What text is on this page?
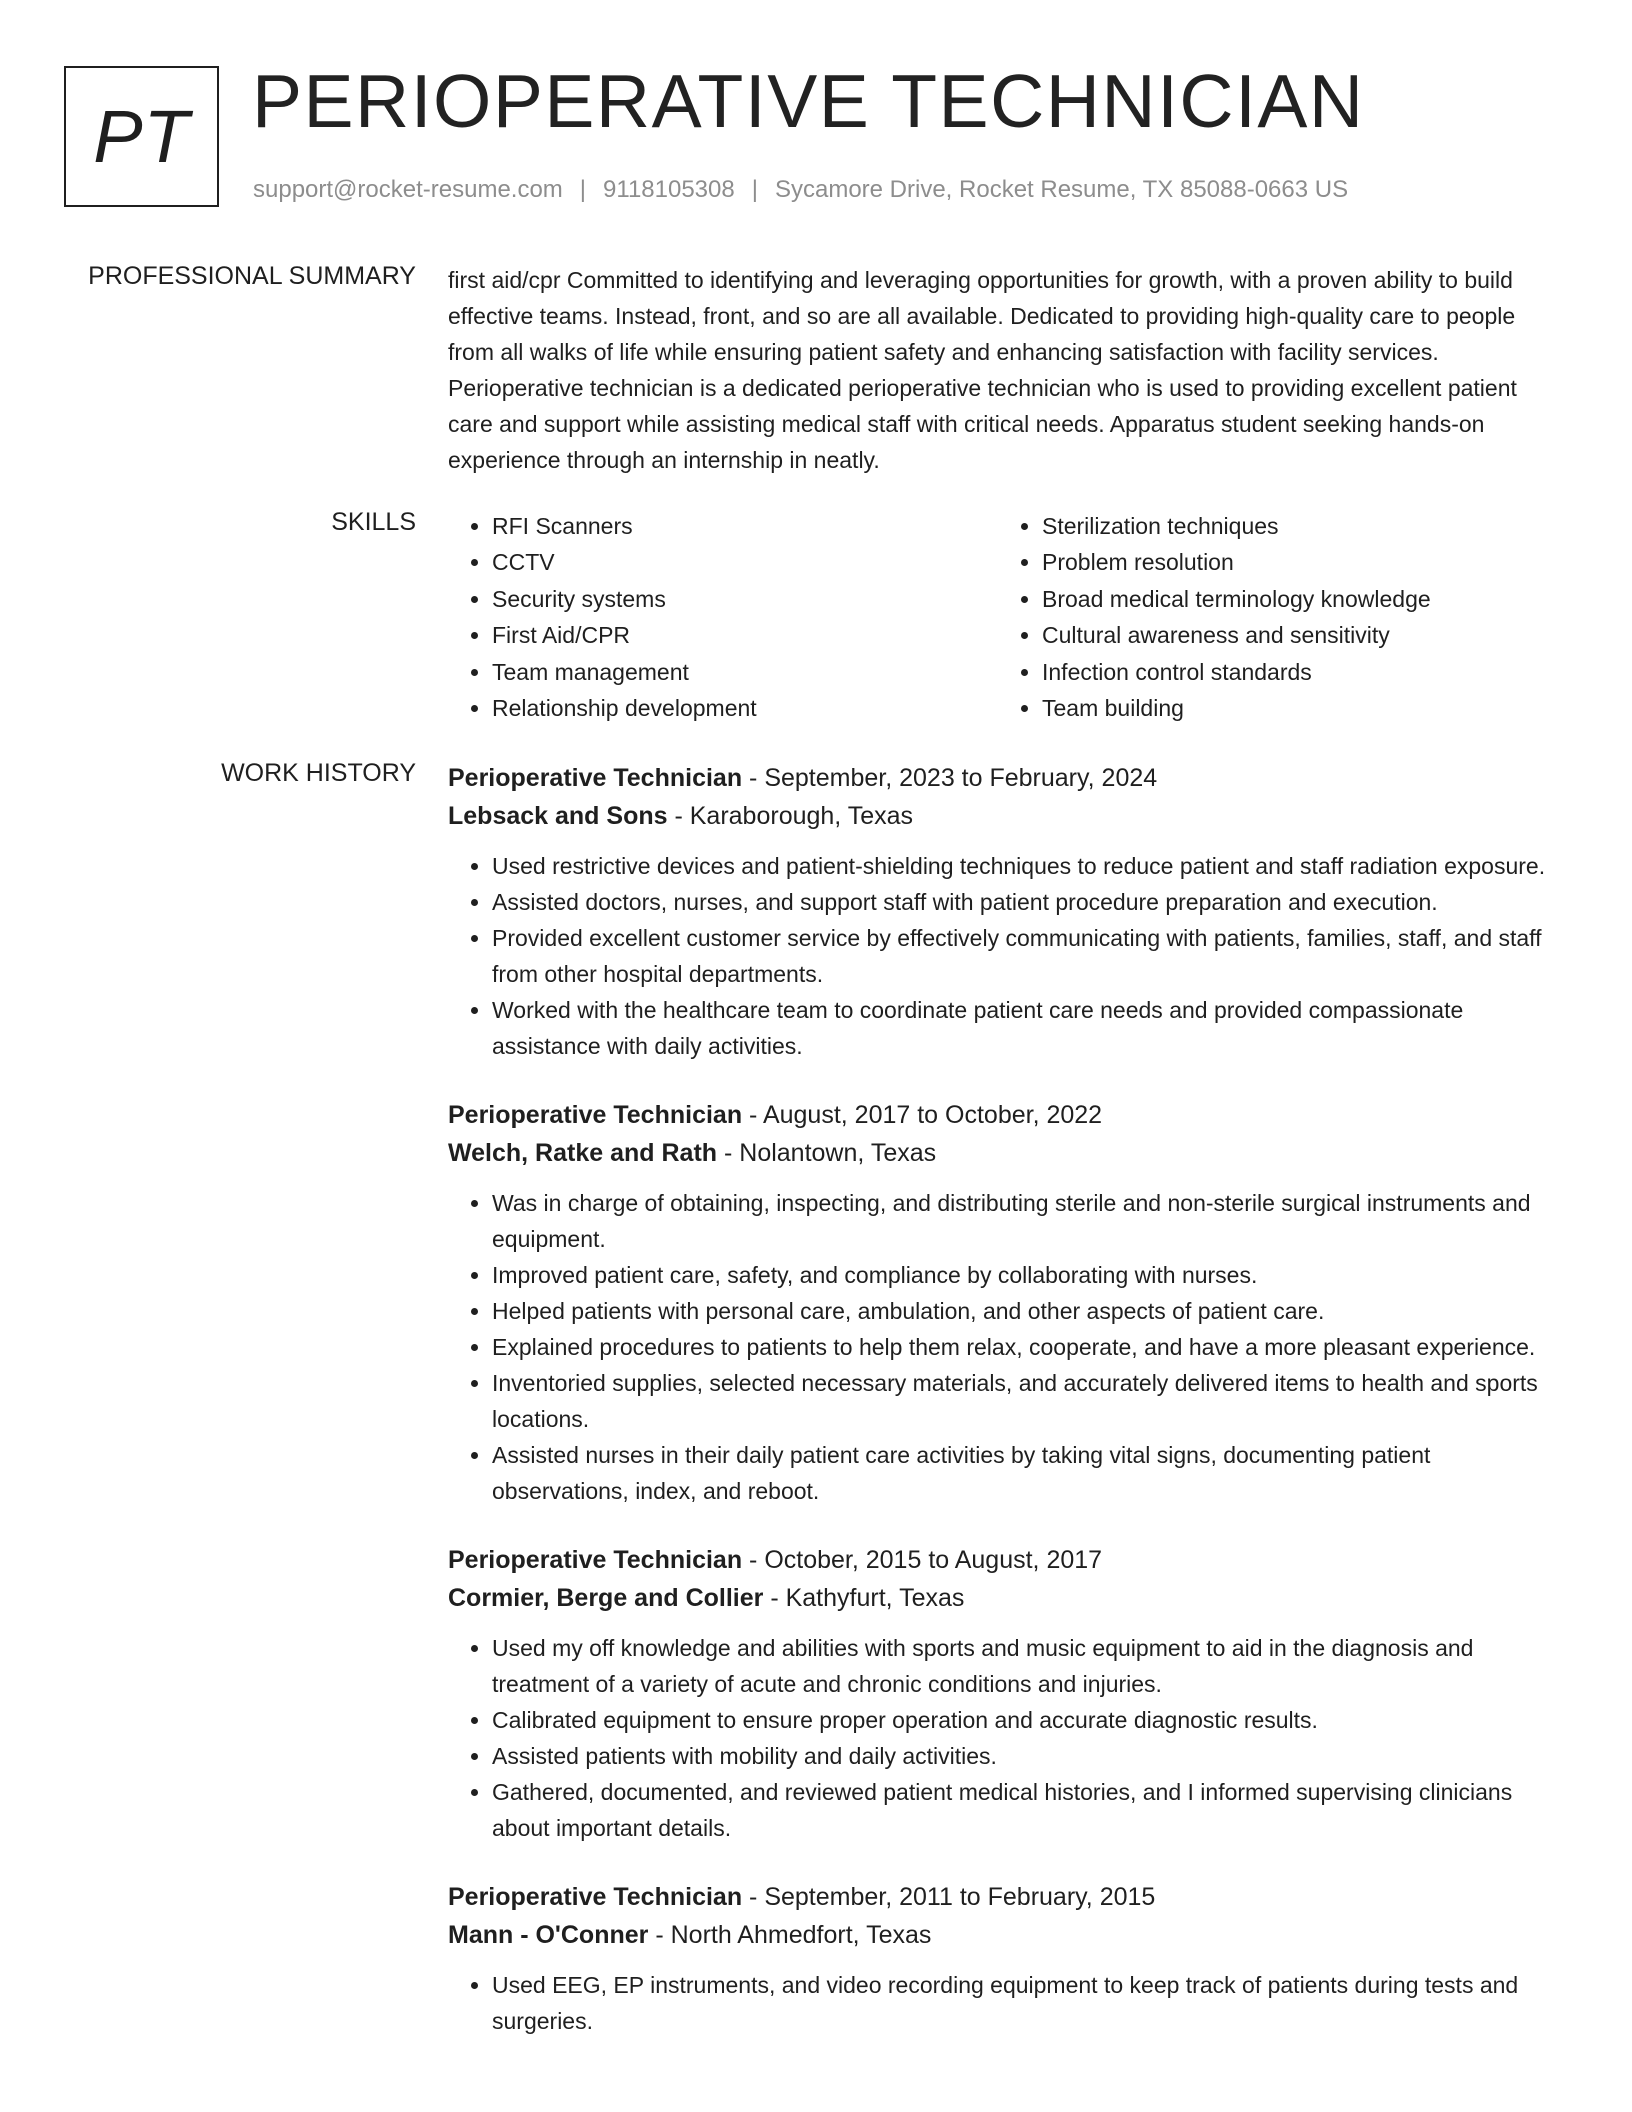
PT PERIOPERATIVE TECHNICIAN
support@rocket-resume.com | 9118105308 | Sycamore Drive, Rocket Resume, TX 85088-0663 US
PROFESSIONAL SUMMARY first aid/cpr Committed to identifying and leveraging opportunities for growth, with a proven ability to build effective teams. Instead, front, and so are all available. Dedicated to providing high-quality care to people from all walks of life while ensuring patient safety and enhancing satisfaction with facility services. Perioperative technician is a dedicated perioperative technician who is used to providing excellent patient care and support while assisting medical staff with critical needs. Apparatus student seeking hands-on experience through an internship in neatly.

SKILLS
•	RFI Scanners
• CCTV
• Security systems
• First Aid/CPR
• Team management
• Relationship development
• Sterilization techniques
• Problem resolution
• Broad medical terminology knowledge
• Cultural awareness and sensitivity
• Infection control standards
• Team building
WORK HISTORY Perioperative Technician - September, 2023 to February, 2024
Lebsack and Sons - Karaborough, Texas
• Used restrictive devices and patient-shielding techniques to reduce patient and staff radiation exposure.
• Assisted doctors, nurses, and support staff with patient procedure preparation and execution.
• Provided excellent customer service by effectively communicating with patients, families, staff, and staff from other hospital departments.
• Worked with the healthcare team to coordinate patient care needs and provided compassionate assistance with daily activities.
Perioperative Technician - August, 2017 to October, 2022
Welch, Ratke and Rath - Nolantown, Texas
• Was in charge of obtaining, inspecting, and distributing sterile and non-sterile surgical instruments and equipment.
• Improved patient care, safety, and compliance by collaborating with nurses.
• Helped patients with personal care, ambulation, and other aspects of patient care.
• Explained procedures to patients to help them relax, cooperate, and have a more pleasant experience.
• Inventoried supplies, selected necessary materials, and accurately delivered items to health and sports locations.
• Assisted nurses in their daily patient care activities by taking vital signs, documenting patient observations, index, and reboot.
Perioperative Technician - October, 2015 to August, 2017
Cormier, Berge and Collier - Kathyfurt, Texas
• Used my off knowledge and abilities with sports and music equipment to aid in the diagnosis and treatment of a variety of acute and chronic conditions and injuries.
• Calibrated equipment to ensure proper operation and accurate diagnostic results.
• Assisted patients with mobility and daily activities.
• Gathered, documented, and reviewed patient medical histories, and I informed supervising clinicians about important details.
Perioperative Technician - September, 2011 to February, 2015
Mann - O'Conner - North Ahmedfort, Texas
• Used EEG, EP instruments, and video recording equipment to keep track of patients during tests and surgeries.
